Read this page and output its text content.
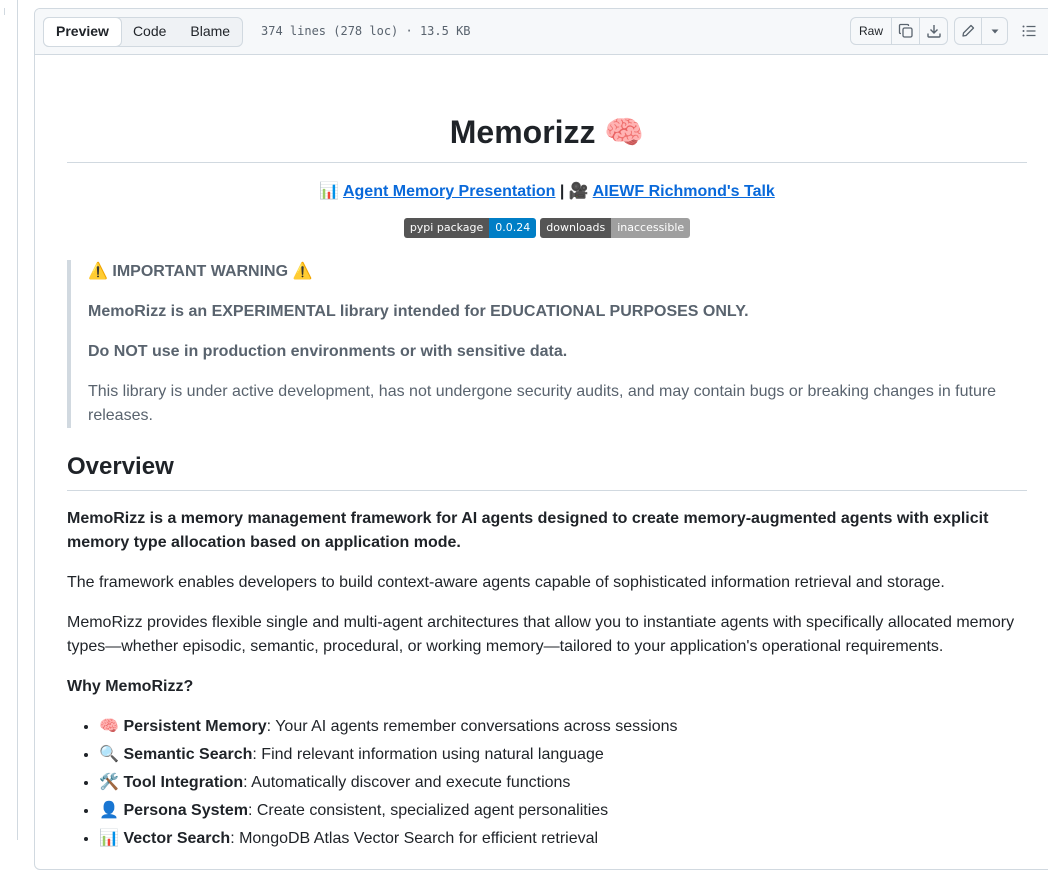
Preview	Code	Blame	374 lines (278 loc) · 13.5 KB	Raw
Memorizz 🧠
📊 Agent Memory Presentation | 🎥 AIEWF Richmond's Talk
pypi package	0.0.24	downloads	inaccessible
⚠️ IMPORTANT WARNING ⚠️

MemoRizz is an EXPERIMENTAL library intended for EDUCATIONAL PURPOSES ONLY.

Do NOT use in production environments or with sensitive data.

This library is under active development, has not undergone security audits, and may contain bugs or breaking changes in future releases.

Overview

MemoRizz is a memory management framework for AI agents designed to create memory-augmented agents with explicit memory type allocation based on application mode.

The framework enables developers to build context-aware agents capable of sophisticated information retrieval and storage.

MemoRizz provides flexible single and multi-agent architectures that allow you to instantiate agents with specifically allocated memory types—whether episodic, semantic, procedural, or working memory—tailored to your application's operational requirements.

Why MemoRizz?

• 🧠 Persistent Memory: Your AI agents remember conversations across sessions
• 🔍 Semantic Search: Find relevant information using natural language
• 🛠️ Tool Integration: Automatically discover and execute functions
• 👤 Persona System: Create consistent, specialized agent personalities
• 📊 Vector Search: MongoDB Atlas Vector Search for efficient retrieval
